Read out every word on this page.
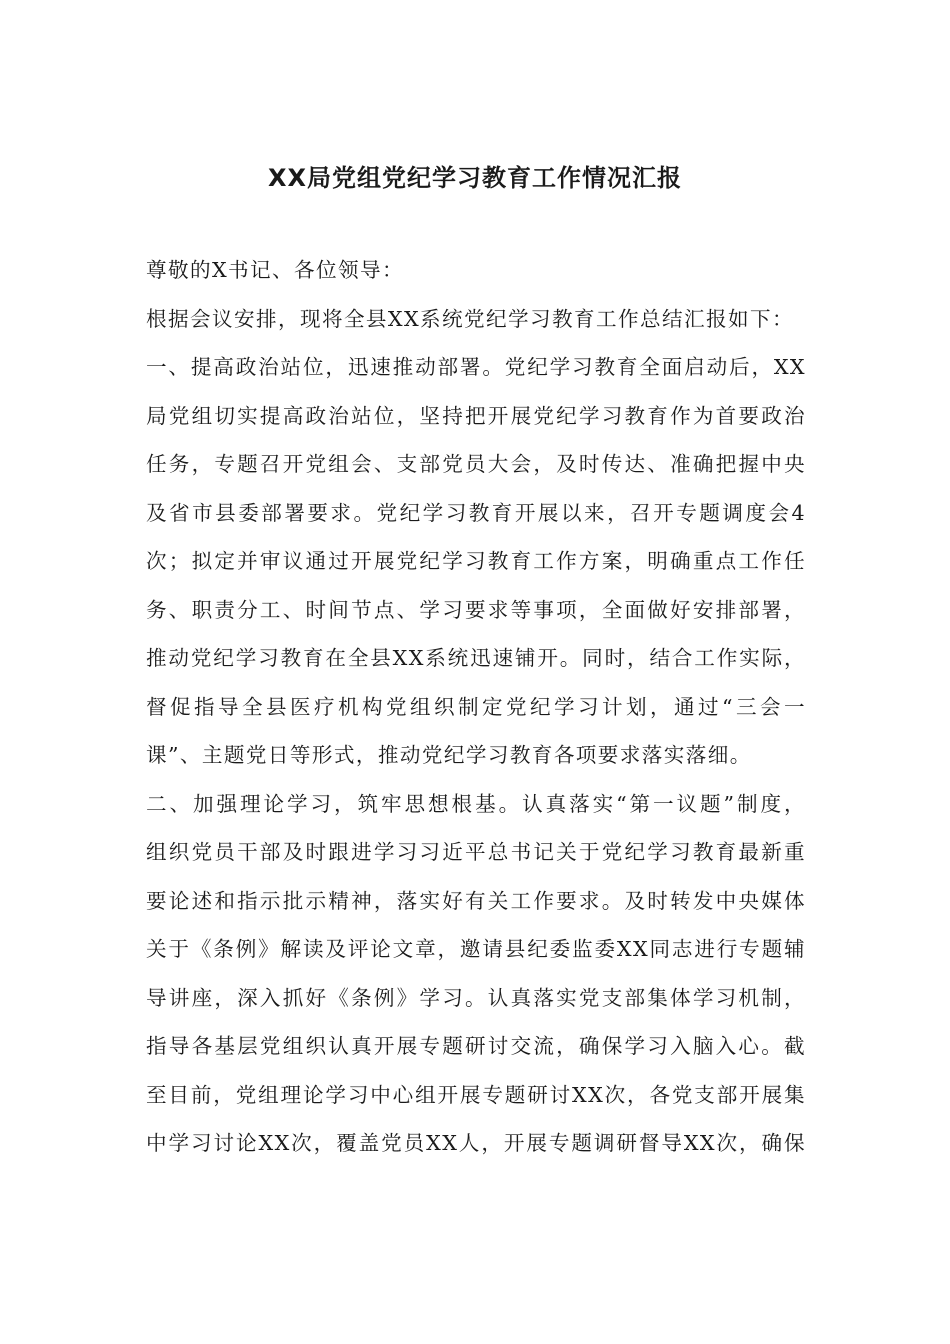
XX局党组党纪学习教育工作情况汇报
尊敬的X书记、各位领导：
根据会议安排，现将全县XX系统党纪学习教育工作总结汇报如下：
一、提高政治站位，迅速推动部署。党纪学习教育全面启动后，XX
局党组切实提高政治站位，坚持把开展党纪学习教育作为首要政治
任务，专题召开党组会、支部党员大会，及时传达、准确把握中央
及省市县委部署要求。党纪学习教育开展以来，召开专题调度会4
次；拟定并审议通过开展党纪学习教育工作方案，明确重点工作任
务、职责分工、时间节点、学习要求等事项，全面做好安排部署，
推动党纪学习教育在全县XX系统迅速铺开。同时，结合工作实际，
督促指导全县医疗机构党组织制定党纪学习计划，通过“三会一
课”、主题党日等形式，推动党纪学习教育各项要求落实落细。
二、加强理论学习，筑牢思想根基。认真落实“第一议题”制度，
组织党员干部及时跟进学习习近平总书记关于党纪学习教育最新重
要论述和指示批示精神，落实好有关工作要求。及时转发中央媒体
关于《条例》解读及评论文章，邀请县纪委监委XX同志进行专题辅
导讲座，深入抓好《条例》学习。认真落实党支部集体学习机制，
指导各基层党组织认真开展专题研讨交流，确保学习入脑入心。截
至目前，党组理论学习中心组开展专题研讨XX次，各党支部开展集
中学习讨论XX次，覆盖党员XX人，开展专题调研督导XX次，确保
